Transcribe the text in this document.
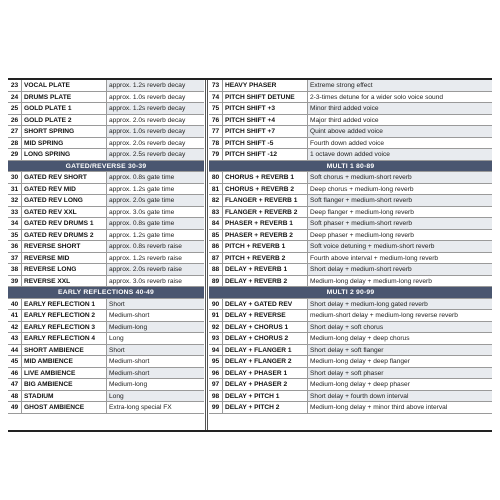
23 VOCAL PLATE	approx. 1.2s reverb decay
24 DRUMS PLATE	approx. 1.0s reverb decay
25 GOLD PLATE 1	approx. 1.2s reverb decay
26 GOLD PLATE 2	approx. 2.0s reverb decay
27 SHORT SPRING	approx. 1.0s reverb decay
28 MID SPRING	approx. 2.0s reverb decay
29 LONG SPRING	approx. 2.5s reverb decay
GATED/REVERSE 30-39
30 GATED REV SHORT	approx. 0.8s gate time
31 GATED REV MID	approx. 1.2s gate time
32 GATED REV LONG	approx. 2.0s gate time
33 GATED REV XXL	approx. 3.0s gate time
34 GATED REV DRUMS 1	approx. 0.8s gate time
35 GATED REV DRUMS 2	approx. 1.2s gate time
36 REVERSE SHORT	approx. 0.8s reverb raise
37 REVERSE MID	approx. 1.2s reverb raise
38 REVERSE LONG	approx. 2.0s reverb raise
39 REVERSE XXL	approx. 3.0s reverb raise
EARLY REFLECTIONS 40-49
40 EARLY REFLECTION 1	Short
41 EARLY REFLECTION 2	Medium-short
42 EARLY REFLECTION 3	Medium-long
43 EARLY REFLECTION 4	Long
44 SHORT AMBIENCE	Short
45 MID AMBIENCE	Medium-short
46 LIVE AMBIENCE	Medium-short
47 BIG AMBIENCE	Medium-long
48 STADIUM	Long
49 GHOST AMBIENCE	Extra-long special FX
73 HEAVY PHASER	Extreme strong effect
74 PITCH SHIFT DETUNE	2-3-times detune for a wider solo voice sound
75 PITCH SHIFT +3	Minor third added voice
76 PITCH SHIFT +4	Major third added voice
77 PITCH SHIFT +7	Quint above added voice
78 PITCH SHIFT -5	Fourth down added voice
79 PITCH SHIFT -12	1 octave down added voice
MULTI 1 80-89
80 CHORUS + REVERB 1	Soft chorus + medium-short reverb
81 CHORUS + REVERB 2	Deep chorus + medium-long reverb
82 FLANGER + REVERB 1	Soft flanger + medium-short reverb
83 FLANGER + REVERB 2	Deep flanger + medium-long reverb
84 PHASER + REVERB 1	Soft phaser + medium-short reverb
85 PHASER + REVERB 2	Deep phaser + medium-long reverb
86 PITCH + REVERB 1	Soft voice detuning + medium-short reverb
87 PITCH + REVERB 2	Fourth above interval + medium-long reverb
88 DELAY + REVERB 1	Short delay + medium-short reverb
89 DELAY + REVERB 2	Medium-long delay + medium-long reverb
MULTI 2 90-99
90 DELAY + GATED REV	Short delay + medium-long gated reverb
91 DELAY + REVERSE	medium-short delay + medium-long reverse reverb
92 DELAY + CHORUS 1	Short delay + soft chorus
93 DELAY + CHORUS 2	Medium-long delay + deep chorus
94 DELAY + FLANGER 1	Short delay + soft flanger
95 DELAY + FLANGER 2	Medium-long delay + deep flanger
96 DELAY + PHASER 1	Short delay + soft phaser
97 DELAY + PHASER 2	Medium-long delay + deep phaser
98 DELAY + PITCH 1	Short delay + fourth down interval
99 DELAY + PITCH 2	Medium-long delay + minor third above interval
